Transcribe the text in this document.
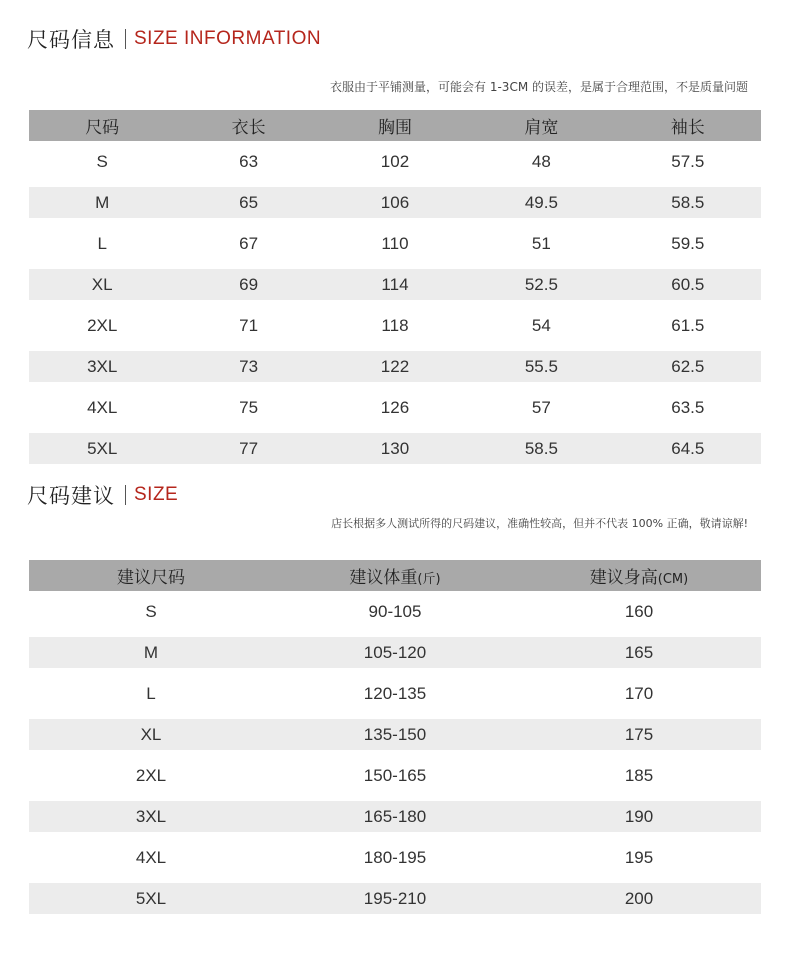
尺码信息 SIZE INFORMATION
衣服由于平铺测量，可能会有 1-3CM 的误差，是属于合理范围，不是质量问题
尺码	衣长	胸围	肩宽	袖长
S	63	102	48	57.5
M	65	106	49.5	58.5
L	67	110	51	59.5
XL	69	114	52.5	60.5
2XL	71	118	54	61.5
3XL	73	122	55.5	62.5
4XL	75	126	57	63.5
5XL	77	130	58.5	64.5
尺码建议 SIZE
店长根据多人测试所得的尺码建议，准确性较高，但并不代表 100% 正确，敬请谅解!
建议尺码	建议体重(斤)	建议身高(CM)
S	90-105	160
M	105-120	165
L	120-135	170
XL	135-150	175
2XL	150-165	185
3XL	165-180	190
4XL	180-195	195
5XL	195-210	200
